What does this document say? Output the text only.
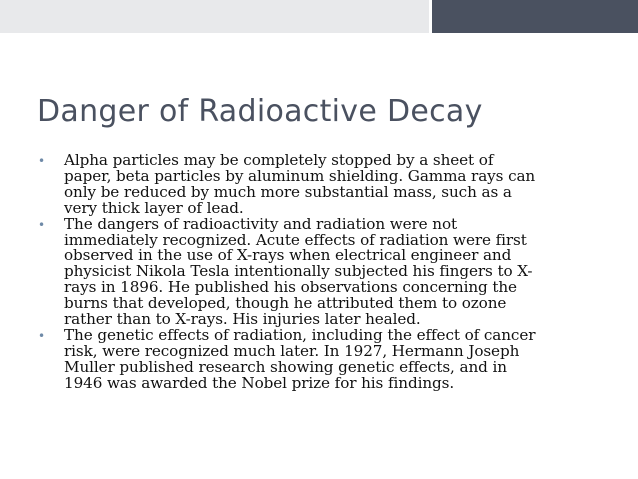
Danger of Radioactive Decay
• Alpha particles may be completely stopped by a sheet of
paper, beta particles by aluminum shielding. Gamma rays can
only be reduced by much more substantial mass, such as a
very thick layer of lead.
• The dangers of radioactivity and radiation were not
immediately recognized. Acute effects of radiation were first
observed in the use of X-rays when electrical engineer and
physicist Nikola Tesla intentionally subjected his fingers to X-
rays in 1896. He published his observations concerning the
burns that developed, though he attributed them to ozone
rather than to X-rays. His injuries later healed.
• The genetic effects of radiation, including the effect of cancer
risk, were recognized much later. In 1927, Hermann Joseph
Muller published research showing genetic effects, and in
1946 was awarded the Nobel prize for his findings.
